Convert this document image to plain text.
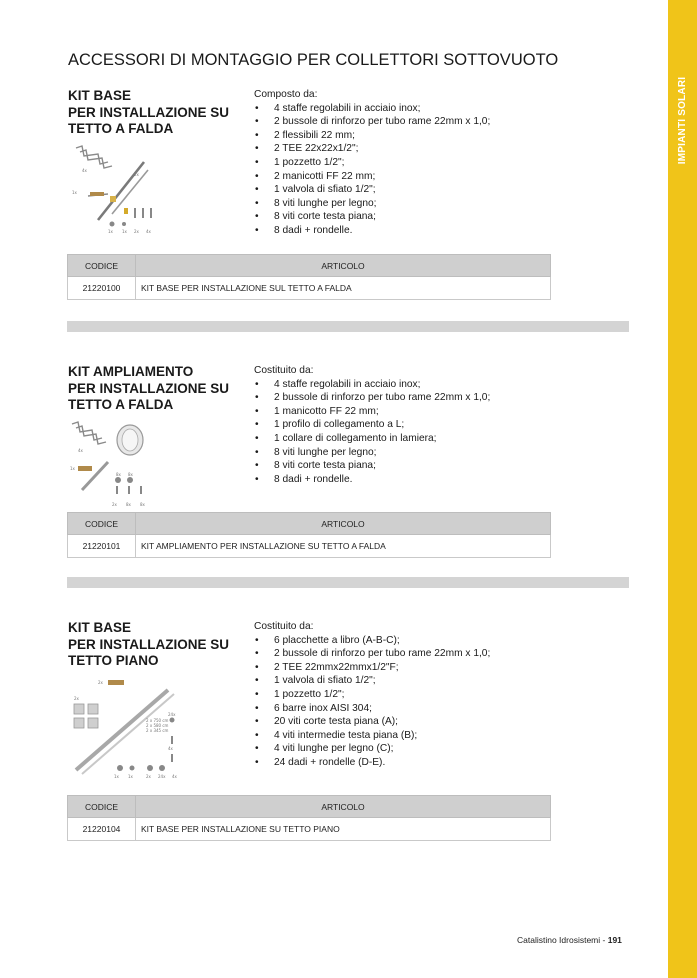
IMPIANTI SOLARI
ACCESSORI DI MONTAGGIO PER COLLETTORI SOTTOVUOTO
KIT BASE
PER INSTALLAZIONE SU
TETTO A FALDA
4x
1x
2x
1x 1x 2x 4x
Composto da:
• 4 staffe regolabili in acciaio inox;
• 2 bussole di rinforzo per tubo rame 22mm x 1,0;
• 2 flessibili 22 mm;
• 2 TEE 22x22x1/2";
• 1 pozzetto 1/2";
• 2 manicotti FF 22 mm;
• 1 valvola di sfiato 1/2";
• 8 viti lunghe per legno;
• 8 viti corte testa piana;
• 8 dadi + rondelle.
CODICE	ARTICOLO
21220100	KIT BASE PER INSTALLAZIONE SUL TETTO A FALDA
KIT AMPLIAMENTO
PER INSTALLAZIONE SU
TETTO A FALDA
4x
1x
8x 8x
2x 8x 8x
Costituito da:
• 4 staffe regolabili in acciaio inox;
• 2 bussole di rinforzo per tubo rame 22mm x 1,0;
• 1 manicotto FF 22 mm;
• 1 profilo di collegamento a L;
• 1 collare di collegamento in lamiera;
• 8 viti lunghe per legno;
• 8 viti corte testa piana;
• 8 dadi + rondelle.
CODICE	ARTICOLO
21220101	KIT AMPLIAMENTO PER INSTALLAZIONE SU TETTO A FALDA
KIT BASE
PER INSTALLAZIONE SU
TETTO PIANO
2x
2x
2 x 750 cm
2 x 580 cm
2 x 345 cm
24x
4x
1x 1x	2x 24x 4x
Costituito da:
• 6 placchette a libro (A-B-C);
• 2 bussole di rinforzo per tubo rame 22mm x 1,0;
• 2 TEE 22mmx22mmx1/2"F;
• 1 valvola di sfiato 1/2";
• 1 pozzetto 1/2";
• 6 barre inox AISI 304;
• 20 viti corte testa piana (A);
• 4 viti intermedie testa piana (B);
• 4 viti lunghe per legno (C);
• 24 dadi + rondelle (D-E).
CODICE	ARTICOLO
21220104	KIT BASE PER INSTALLAZIONE SU TETTO PIANO
Catalistino Idrosistemi - 191
